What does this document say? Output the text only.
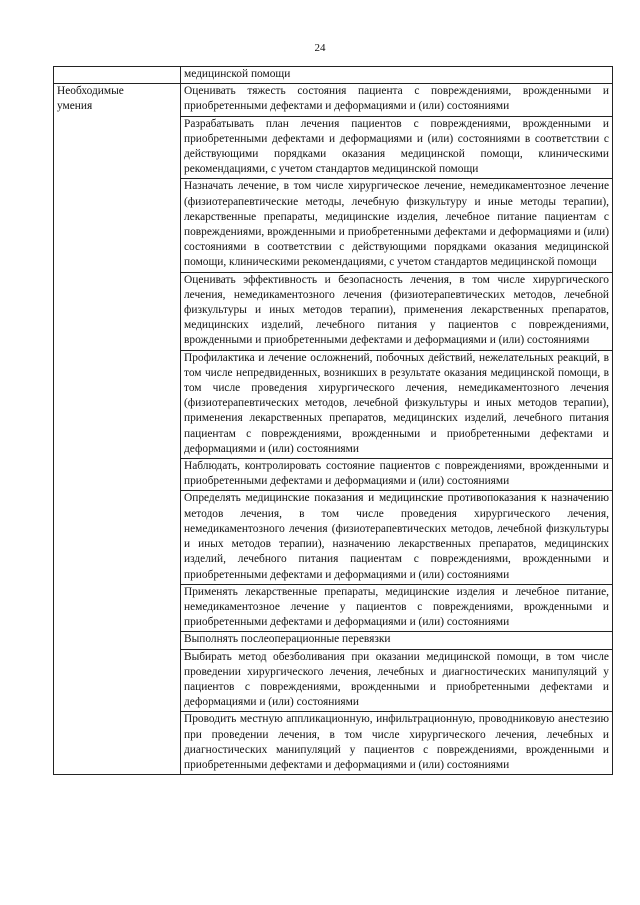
24
	медицинской помощи

Необходимые
умения	Оценивать тяжесть состояния пациента с повреждениями, врожденными и приобретенными дефектами и деформациями и (или) состояниями
	Разрабатывать план лечения пациентов с повреждениями, врожденными и приобретенными дефектами и деформациями и (или) состояниями в соответствии с действующими порядками оказания медицинской помощи, клиническими рекомендациями, с учетом стандартов медицинской помощи
	Назначать лечение, в том числе хирургическое лечение, немедикаментозное лечение (физиотерапевтические методы, лечебную физкультуру и иные методы терапии), лекарственные препараты, медицинские изделия, лечебное питание пациентам с повреждениями, врожденными и приобретенными дефектами и деформациями и (или) состояниями в соответствии с действующими порядками оказания медицинской помощи, клиническими рекомендациями, с учетом стандартов медицинской помощи
	Оценивать эффективность и безопасность лечения, в том числе хирургического лечения, немедикаментозного лечения (физиотерапевтических методов, лечебной физкультуры и иных методов терапии), применения лекарственных препаратов, медицинских изделий, лечебного питания у пациентов с повреждениями, врожденными и приобретенными дефектами и деформациями и (или) состояниями
	Профилактика и лечение осложнений, побочных действий, нежелательных реакций, в том числе непредвиденных, возникших в результате оказания медицинской помощи, в том числе проведения хирургического лечения, немедикаментозного лечения (физиотерапевтических методов, лечебной физкультуры и иных методов терапии), применения лекарственных препаратов, медицинских изделий, лечебного питания пациентам с повреждениями, врожденными и приобретенными дефектами и деформациями и (или) состояниями
	Наблюдать, контролировать состояние пациентов с повреждениями, врожденными и приобретенными дефектами и деформациями и (или) состояниями
	Определять медицинские показания и медицинские противопоказания к назначению методов лечения, в том числе проведения хирургического лечения, немедикаментозного лечения (физиотерапевтических методов, лечебной физкультуры и иных методов терапии), назначению лекарственных препаратов, медицинских изделий, лечебного питания пациентам с повреждениями, врожденными и приобретенными дефектами и деформациями и (или) состояниями
	Применять лекарственные препараты, медицинские изделия и лечебное питание, немедикаментозное лечение у пациентов с повреждениями, врожденными и приобретенными дефектами и деформациями и (или) состояниями
	Выполнять послеоперационные перевязки
	Выбирать метод обезболивания при оказании медицинской помощи, в том числе проведении хирургического лечения, лечебных и диагностических манипуляций у пациентов с повреждениями, врожденными и приобретенными дефектами и деформациями и (или) состояниями
	Проводить местную аппликационную, инфильтрационную, проводниковую анестезию при проведении лечения, в том числе хирургического лечения, лечебных и диагностических манипуляций у пациентов с повреждениями, врожденными и приобретенными дефектами и деформациями и (или) состояниями
